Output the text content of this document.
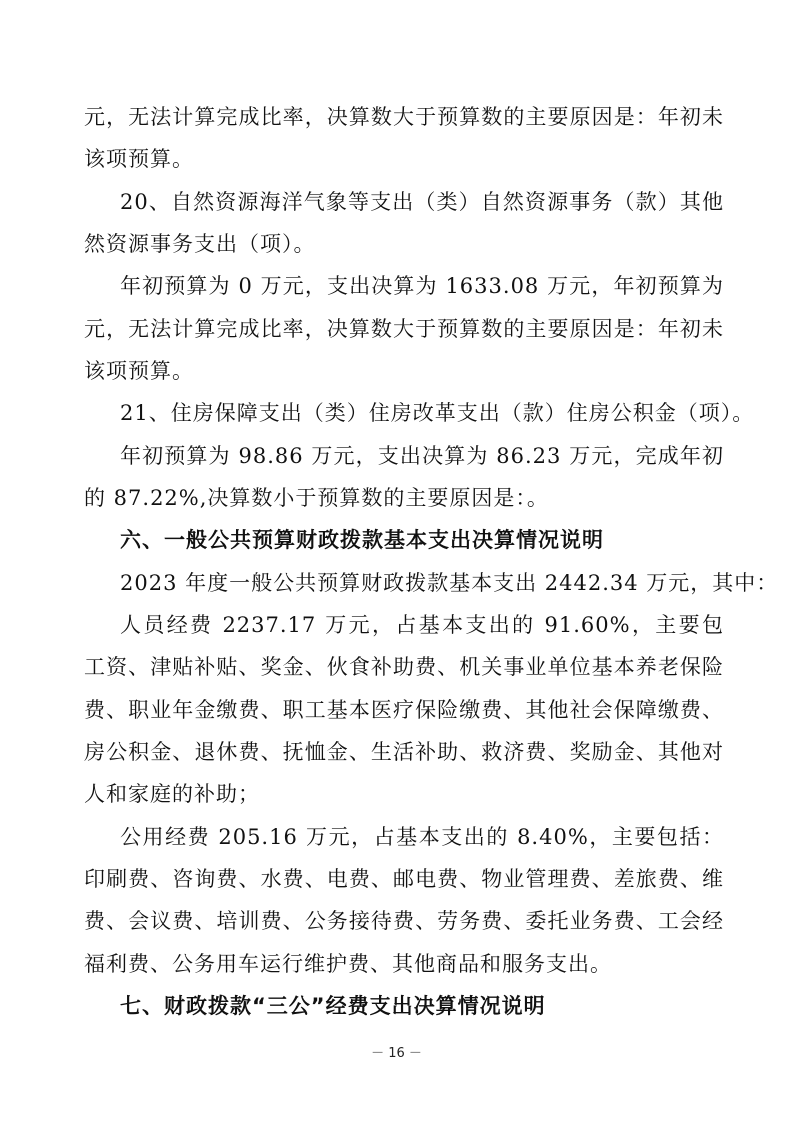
元，无法计算完成比率，决算数大于预算数的主要原因是：年初未
该项预算。
20、自然资源海洋气象等支出（类）自然资源事务（款）其他
然资源事务支出（项）。
年初预算为 0 万元，支出决算为 1633.08 万元，年初预算为
元，无法计算完成比率，决算数大于预算数的主要原因是：年初未
该项预算。
21、住房保障支出（类）住房改革支出（款）住房公积金（项）。
年初预算为 98.86 万元，支出决算为 86.23 万元，完成年初
的 87.22%,决算数小于预算数的主要原因是：。
六、一般公共预算财政拨款基本支出决算情况说明
2023 年度一般公共预算财政拨款基本支出 2442.34 万元，其中：
人员经费 2237.17 万元，占基本支出的 91.60%，主要包
工资、津贴补贴、奖金、伙食补助费、机关事业单位基本养老保险
费、职业年金缴费、职工基本医疗保险缴费、其他社会保障缴费、
房公积金、退休费、抚恤金、生活补助、救济费、奖励金、其他对
人和家庭的补助；
公用经费 205.16 万元，占基本支出的 8.40%，主要包括：
印刷费、咨询费、水费、电费、邮电费、物业管理费、差旅费、维
费、会议费、培训费、公务接待费、劳务费、委托业务费、工会经
福利费、公务用车运行维护费、其他商品和服务支出。
七、财政拨款“三公”经费支出决算情况说明
－ 16 －
